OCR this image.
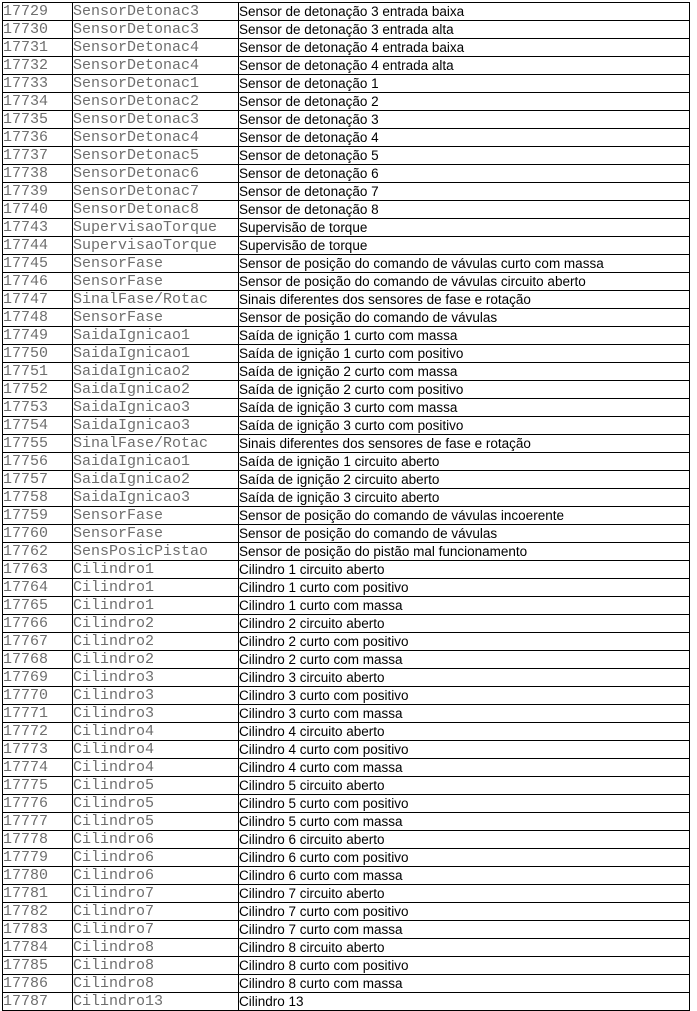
17729	SensorDetonac3	Sensor de detonação 3 entrada baixa
17730	SensorDetonac3	Sensor de detonação 3 entrada alta
17731	SensorDetonac4	Sensor de detonação 4 entrada baixa
17732	SensorDetonac4	Sensor de detonação 4 entrada alta
17733	SensorDetonac1	Sensor de detonação 1
17734	SensorDetonac2	Sensor de detonação 2
17735	SensorDetonac3	Sensor de detonação 3
17736	SensorDetonac4	Sensor de detonação 4
17737	SensorDetonac5	Sensor de detonação 5
17738	SensorDetonac6	Sensor de detonação 6
17739	SensorDetonac7	Sensor de detonação 7
17740	SensorDetonac8	Sensor de detonação 8
17743	SupervisaoTorque	Supervisão de torque
17744	SupervisaoTorque	Supervisão de torque
17745	SensorFase	Sensor de posição do comando de vávulas curto com massa
17746	SensorFase	Sensor de posição do comando de vávulas circuito aberto
17747	SinalFase/Rotac	Sinais diferentes dos sensores de fase e rotação
17748	SensorFase	Sensor de posição do comando de vávulas
17749	SaidaIgnicao1	Saída de ignição 1 curto com massa
17750	SaidaIgnicao1	Saída de ignição 1 curto com positivo
17751	SaidaIgnicao2	Saída de ignição 2 curto com massa
17752	SaidaIgnicao2	Saída de ignição 2 curto com positivo
17753	SaidaIgnicao3	Saída de ignição 3 curto com massa
17754	SaidaIgnicao3	Saída de ignição 3 curto com positivo
17755	SinalFase/Rotac	Sinais diferentes dos sensores de fase e rotação
17756	SaidaIgnicao1	Saída de ignição 1 circuito aberto
17757	SaidaIgnicao2	Saída de ignição 2 circuito aberto
17758	SaidaIgnicao3	Saída de ignição 3 circuito aberto
17759	SensorFase	Sensor de posição do comando de vávulas incoerente
17760	SensorFase	Sensor de posição do comando de vávulas
17762	SensPosicPistao	Sensor de posição do pistão mal funcionamento
17763	Cilindro1	Cilindro 1 circuito aberto
17764	Cilindro1	Cilindro 1 curto com positivo
17765	Cilindro1	Cilindro 1 curto com massa
17766	Cilindro2	Cilindro 2 circuito aberto
17767	Cilindro2	Cilindro 2 curto com positivo
17768	Cilindro2	Cilindro 2 curto com massa
17769	Cilindro3	Cilindro 3 circuito aberto
17770	Cilindro3	Cilindro 3 curto com positivo
17771	Cilindro3	Cilindro 3 curto com massa
17772	Cilindro4	Cilindro 4 circuito aberto
17773	Cilindro4	Cilindro 4 curto com positivo
17774	Cilindro4	Cilindro 4 curto com massa
17775	Cilindro5	Cilindro 5 circuito aberto
17776	Cilindro5	Cilindro 5 curto com positivo
17777	Cilindro5	Cilindro 5 curto com massa
17778	Cilindro6	Cilindro 6 circuito aberto
17779	Cilindro6	Cilindro 6 curto com positivo
17780	Cilindro6	Cilindro 6 curto com massa
17781	Cilindro7	Cilindro 7 circuito aberto
17782	Cilindro7	Cilindro 7 curto com positivo
17783	Cilindro7	Cilindro 7 curto com massa
17784	Cilindro8	Cilindro 8 circuito aberto
17785	Cilindro8	Cilindro 8 curto com positivo
17786	Cilindro8	Cilindro 8 curto com massa
17787	Cilindro13	Cilindro 13
